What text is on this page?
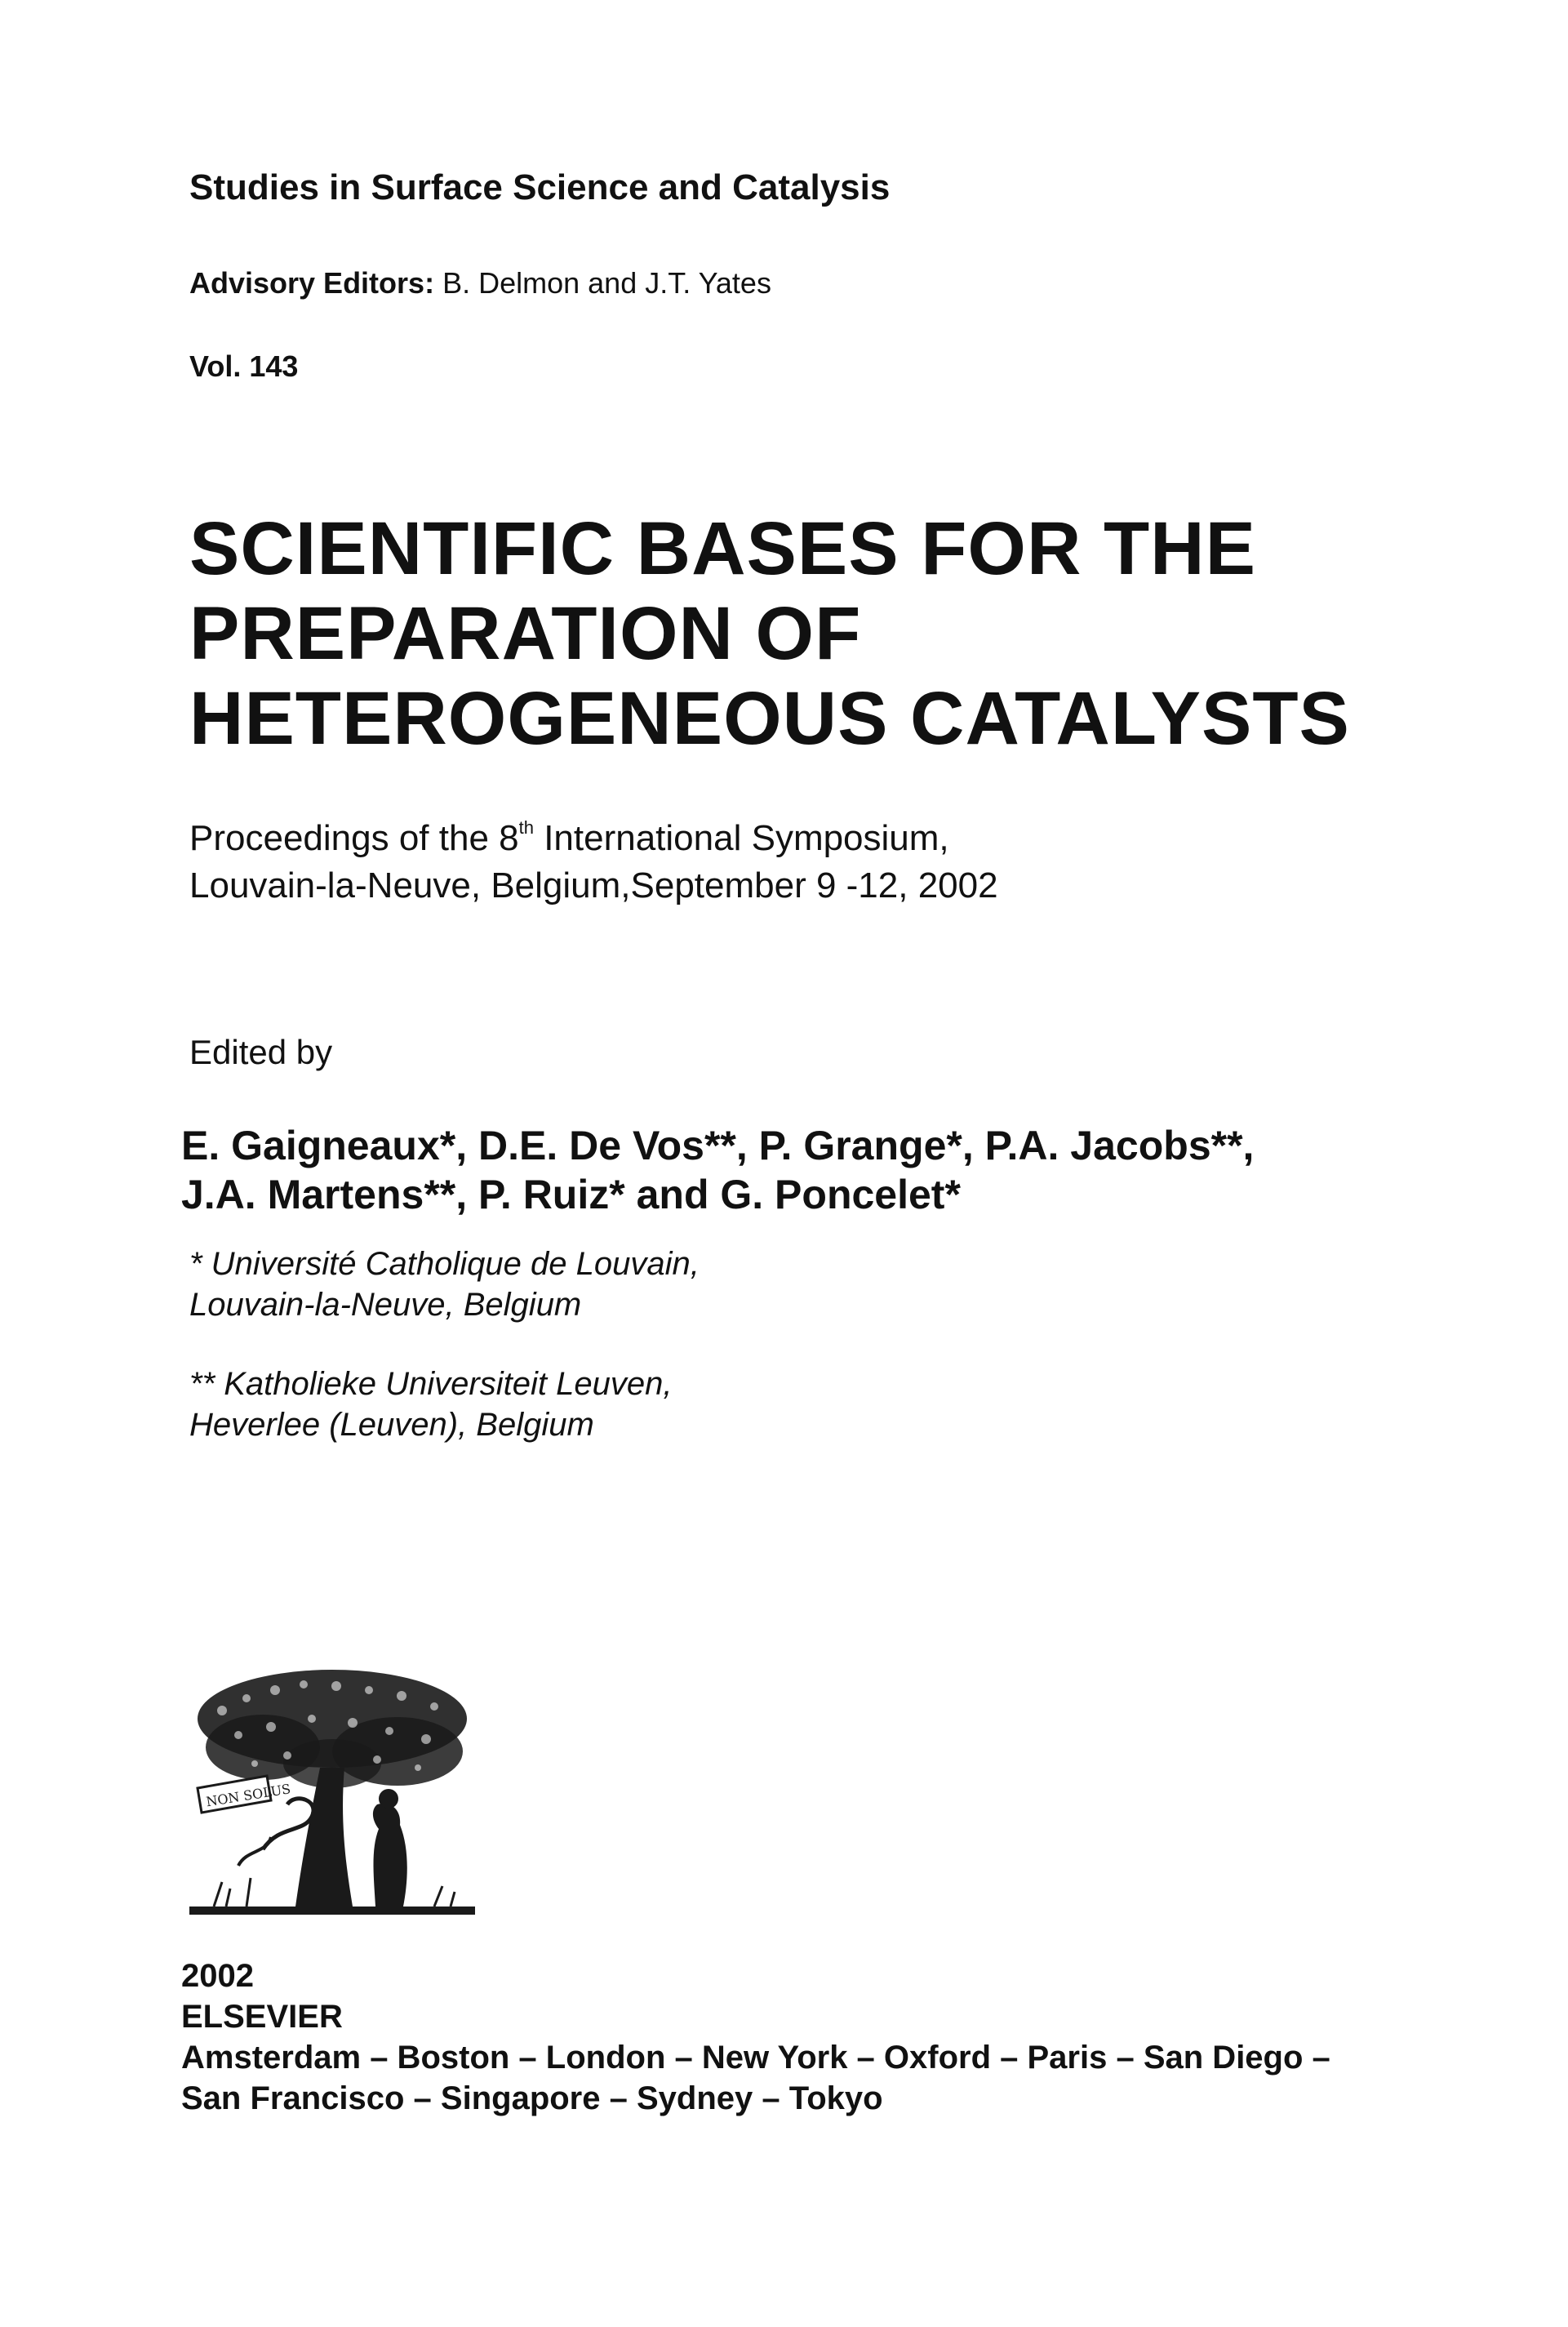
Studies in Surface Science and Catalysis
Advisory Editors: B. Delmon and J.T. Yates
Vol. 143
SCIENTIFIC BASES FOR THE
PREPARATION OF
HETEROGENEOUS CATALYSTS
Proceedings of the 8th International Symposium,
Louvain-la-Neuve, Belgium,September 9 -12, 2002
Edited by
E. Gaigneaux*, D.E. De Vos**, P. Grange*, P.A. Jacobs**,
J.A. Martens**, P. Ruiz* and G. Poncelet*
* Université Catholique de Louvain,
Louvain-la-Neuve, Belgium
** Katholieke Universiteit Leuven,
Heverlee (Leuven), Belgium
NON SOLUS
2002
ELSEVIER
Amsterdam – Boston – London – New York – Oxford – Paris – San Diego –
San Francisco – Singapore – Sydney – Tokyo
